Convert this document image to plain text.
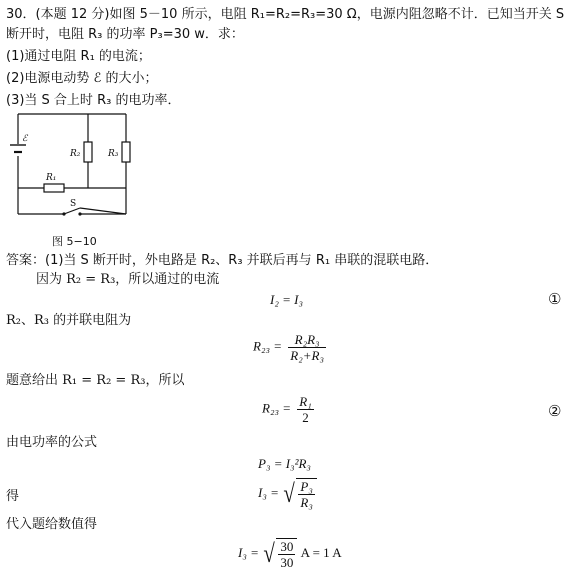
30．(本题 12 分)如图 5－10 所示，电阻 R₁=R₂=R₃=30 Ω，电源内阻忽略不计．已知当开关 S
断开时，电阻 R₃ 的功率 P₃=30 w．求：
(1)通过电阻 R₁ 的电流；
(2)电源电动势 ℰ 的大小；
(3)当 S 合上时 R₃ 的电功率．
ℰ
R₂	R₃
R₁
S
图 5−10
答案：(1)当 S 断开时，外电路是 R₂、R₃ 并联后再与 R₁ 串联的混联电路．
因为 R₂ = R₃，所以通过的电流
I₂ = I₃	①
R₂、R₃ 的并联电阻为
$R_{23} = \frac{\text{R₂R₃}}{\text{R₂+R₃}}$
题意给出 R₁ = R₂ = R₃，所以
$R_{23} = \frac{\text{R₁}}{2}$	②
由电功率的公式
P₃ = I₃²R₃
得	I₃ = √ $\frac{\text{P₃}}{\text{R₃}}$
代入题给数值得
I₃ = √ $\frac{30}{30}$ A = 1 A
